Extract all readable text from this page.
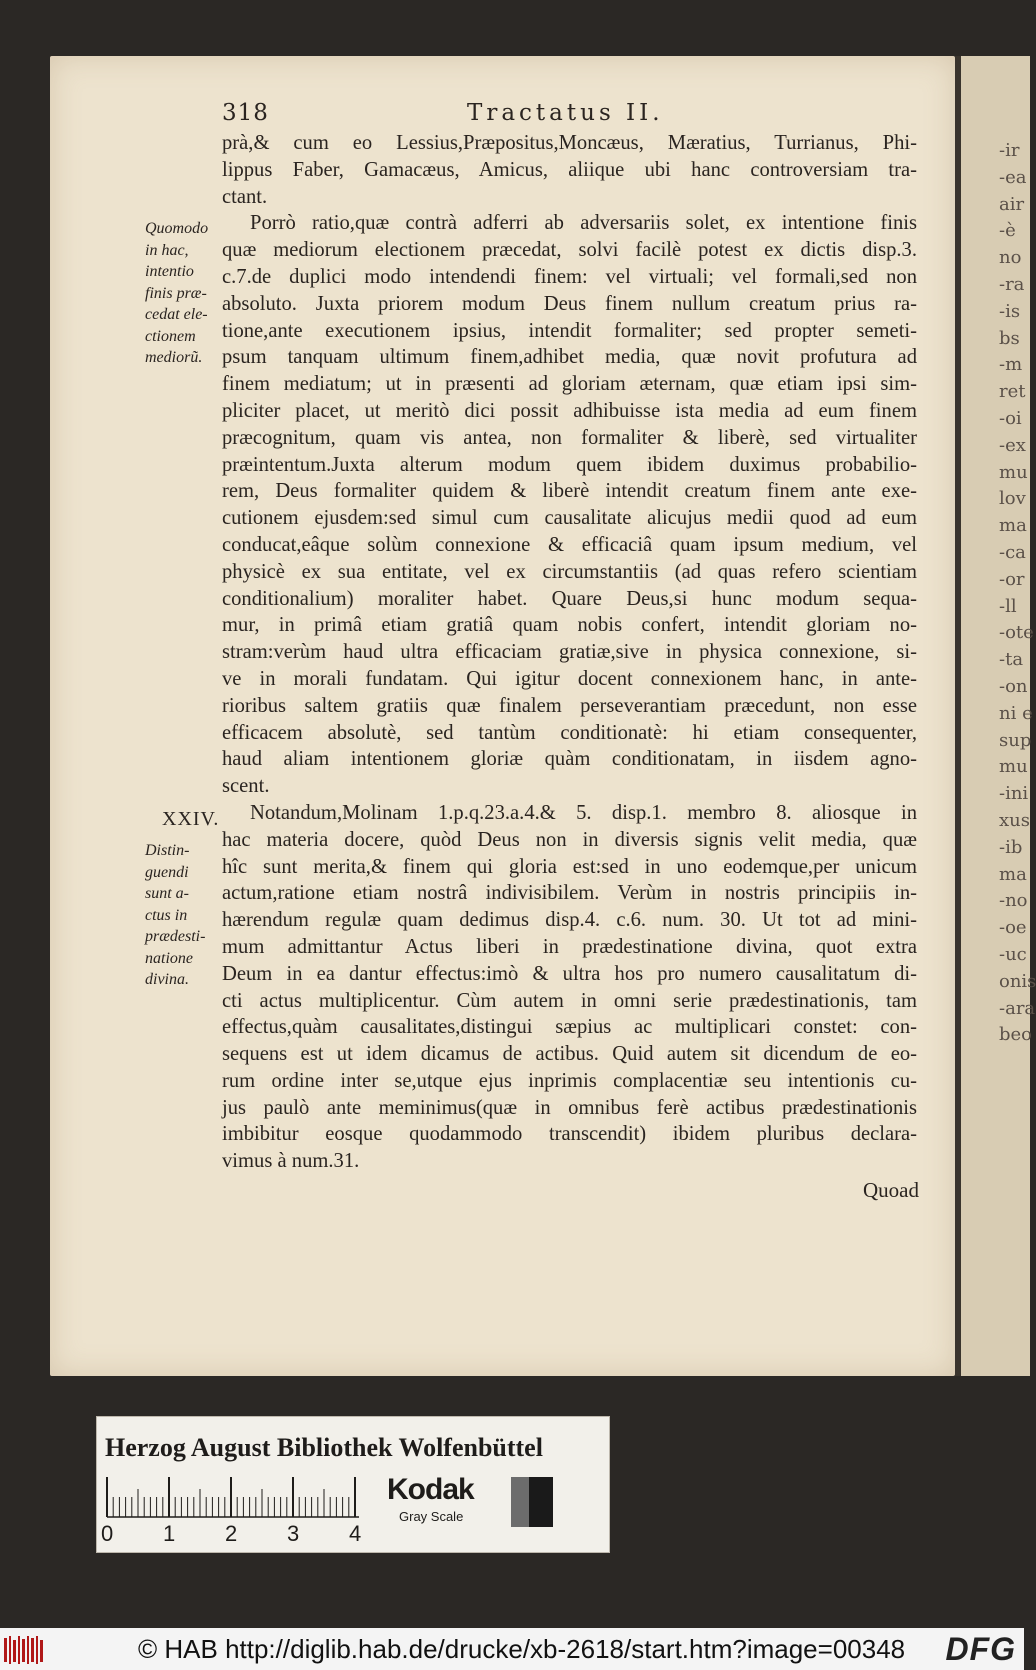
-ir
-ea
air
-è
no
-ra
-is
bs
-m
ret
-oi
-ex
mu
lov
ma
-ca
-or
-ll
-ote
-ta
-on
ni e
sup
mu
-ini
xus
-ib
ma
-no
-oe
-uc
onis
-ara
beo
318	Tractatus II.
Quomodo
in hac,
intentio
finis præ-
cedat ele-
ctionem
mediorũ.
XXIV.
Distin-
guendi
sunt a-
ctus in
prædesti-
natione
divina.

prà,& cum eo Lessius,Præpositus,Moncæus, Mæratius, Turrianus, Phi-
lippus Faber, Gamacæus, Amicus, aliique ubi hanc controversiam tra-
ctant.

Porrò ratio,quæ contrà adferri ab adversariis solet, ex intentione finis
quæ mediorum electionem præcedat, solvi facilè potest ex dictis disp.3.
c.7.de duplici modo intendendi finem: vel virtuali; vel formali,sed non
absoluto. Juxta priorem modum Deus finem nullum creatum prius ra-
tione,ante executionem ipsius, intendit formaliter; sed propter semeti-
psum tanquam ultimum finem,adhibet media, quæ novit profutura ad
finem mediatum; ut in præsenti ad gloriam æternam, quæ etiam ipsi sim-
pliciter placet, ut meritò dici possit adhibuisse ista media ad eum finem
præcognitum, quam vis antea, non formaliter & liberè, sed virtualiter
præintentum.Juxta alterum modum quem ibidem duximus probabilio-
rem, Deus formaliter quidem & liberè intendit creatum finem ante exe-
cutionem ejusdem:sed simul cum causalitate alicujus medii quod ad eum
conducat,eâque solùm connexione & efficaciâ quam ipsum medium, vel
physicè ex sua entitate, vel ex circumstantiis (ad quas refero scientiam
conditionalium) moraliter habet. Quare Deus,si hunc modum sequa-
mur, in primâ etiam gratiâ quam nobis confert, intendit gloriam no-
stram:verùm haud ultra efficaciam gratiæ,sive in physica connexione, si-
ve in morali fundatam. Qui igitur docent connexionem hanc, in ante-
rioribus saltem gratiis quæ finalem perseverantiam præcedunt, non esse
efficacem absolutè, sed tantùm conditionatè: hi etiam consequenter,
haud aliam intentionem gloriæ quàm conditionatam, in iisdem agno-
scent.

Notandum,Molinam 1.p.q.23.a.4.& 5. disp.1. membro 8. aliosque in
hac materia docere, quòd Deus non in diversis signis velit media, quæ
hîc sunt merita,& finem qui gloria est:sed in uno eodemque,per unicum
actum,ratione etiam nostrâ indivisibilem. Verùm in nostris principiis in-
hærendum regulæ quam dedimus disp.4. c.6. num. 30. Ut tot ad mini-
mum admittantur Actus liberi in prædestinatione divina, quot extra
Deum in ea dantur effectus:imò & ultra hos pro numero causalitatum di-
cti actus multiplicentur. Cùm autem in omni serie prædestinationis, tam
effectus,quàm causalitates,distingui sæpius ac multiplicari constet: con-
sequens est ut idem dicamus de actibus. Quid autem sit dicendum de eo-
rum ordine inter se,utque ejus inprimis complacentiæ seu intentionis cu-
jus paulò ante meminimus(quæ in omnibus ferè actibus prædestinationis
imbibitur eosque quodammodo transcendit) ibidem pluribus declara-
vimus à num.31.

Quoad
Herzog August Bibliothek Wolfenbüttel
0 1 2 3 4
Kodak
Gray Scale
© HAB http://diglib.hab.de/drucke/xb-2618/start.htm?image=00348 DFG
